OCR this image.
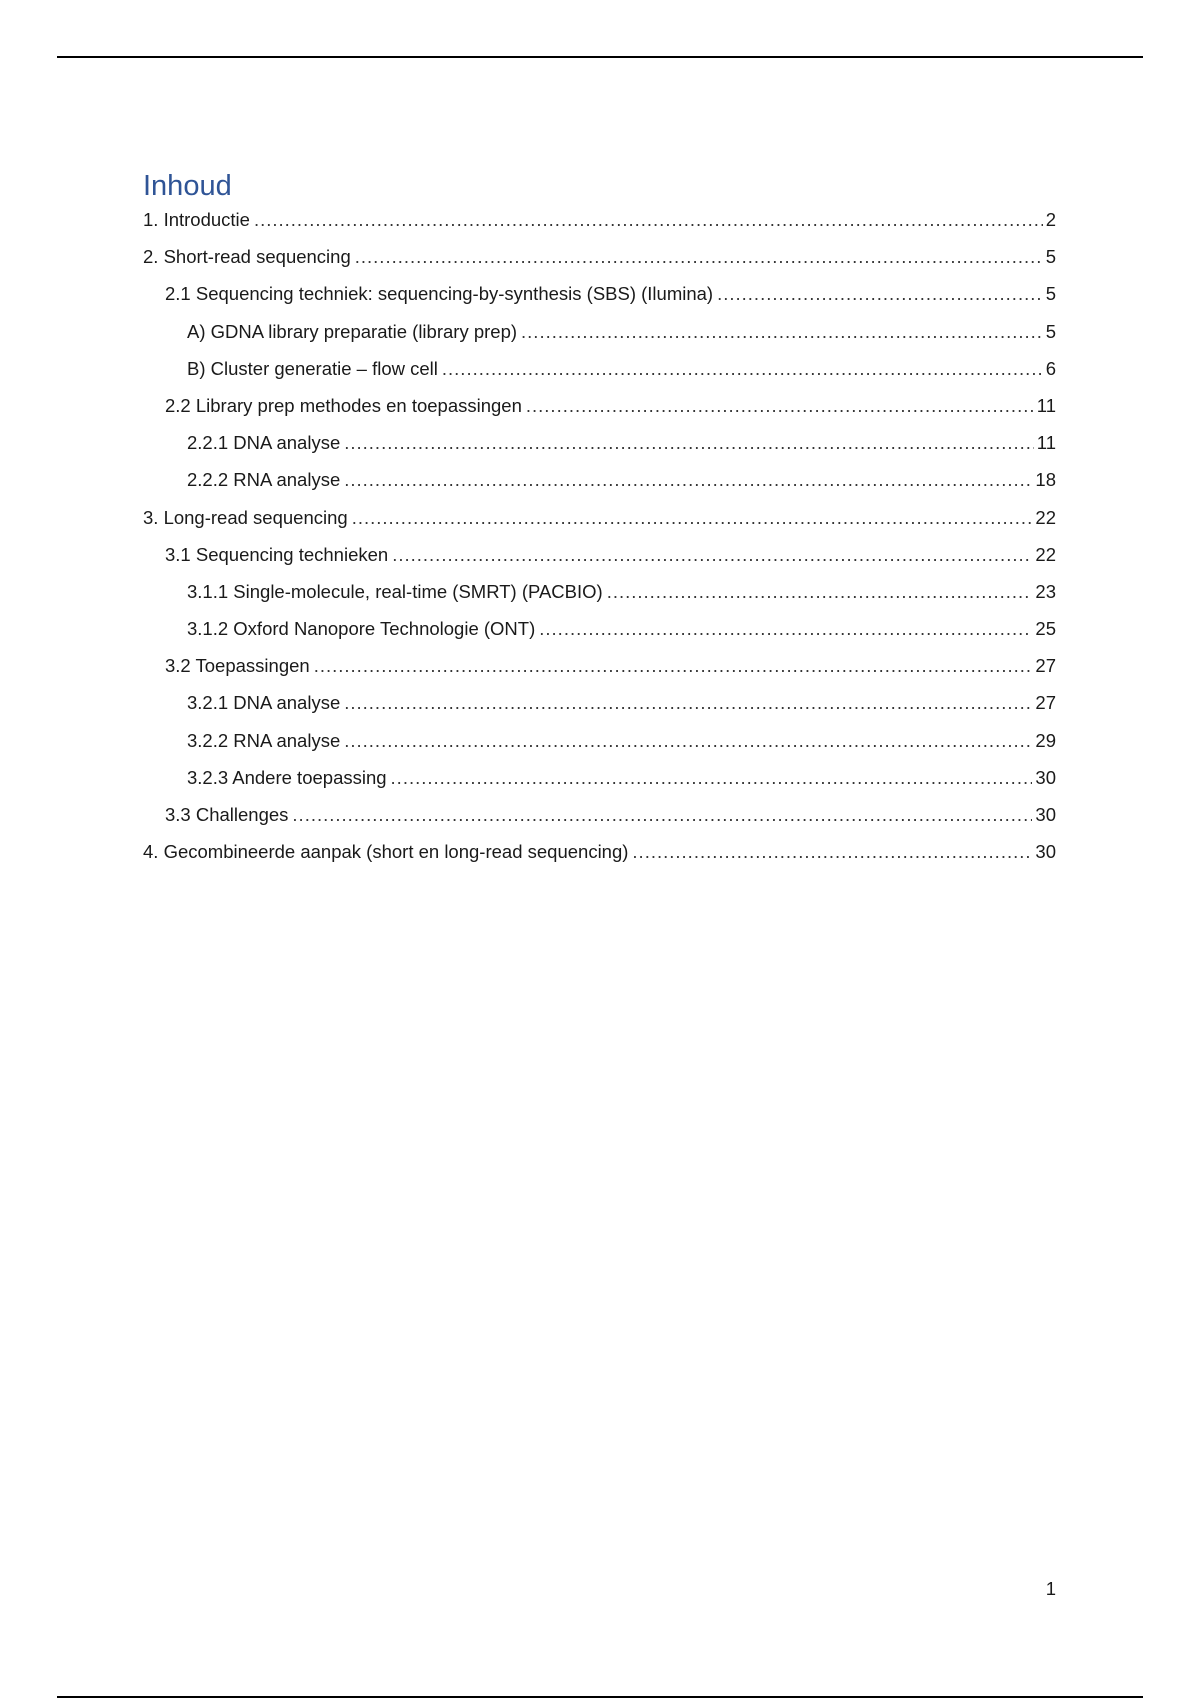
Inhoud
1. Introductie .....	2
2. Short-read sequencing .....	5
2.1 Sequencing techniek: sequencing-by-synthesis (SBS) (Ilumina) .....	5
A) GDNA library preparatie (library prep) .....	5
B) Cluster generatie – flow cell .....	6
2.2 Library prep methodes en toepassingen .....	11
2.2.1 DNA analyse .....	11
2.2.2 RNA analyse .....	18
3. Long-read sequencing .....	22
3.1 Sequencing technieken .....	22
3.1.1 Single-molecule, real-time (SMRT) (PACBIO) .....	23
3.1.2 Oxford Nanopore Technologie (ONT) .....	25
3.2 Toepassingen .....	27
3.2.1 DNA analyse .....	27
3.2.2 RNA analyse .....	29
3.2.3 Andere toepassing .....	30
3.3 Challenges .....	30
4. Gecombineerde aanpak (short en long-read sequencing) .....	30
1
